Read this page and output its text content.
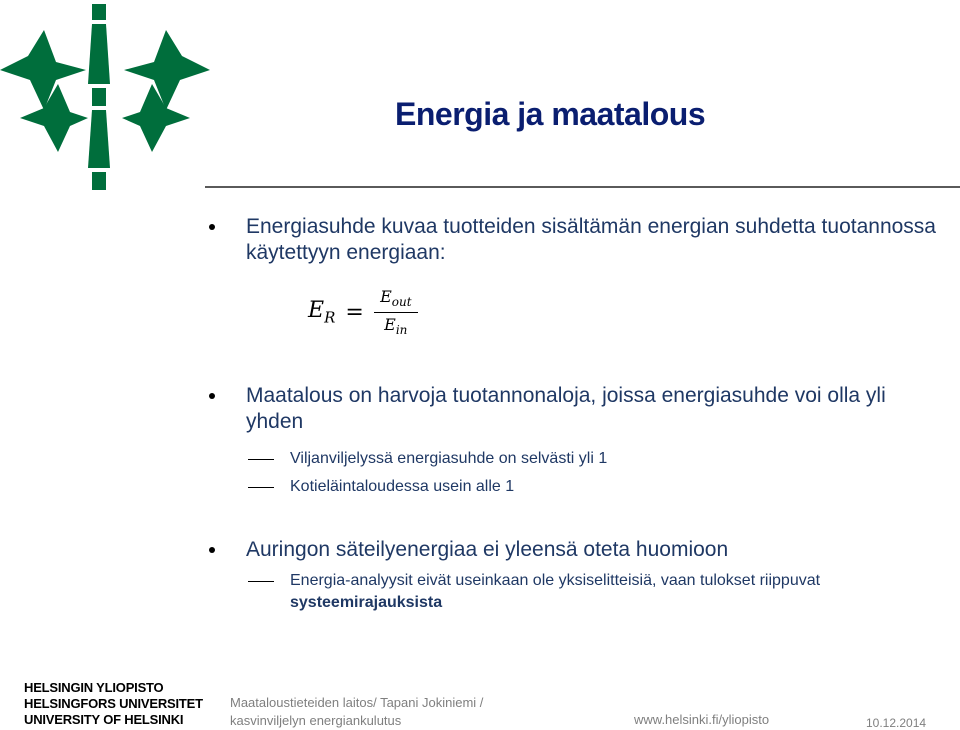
Energia ja maatalous
Energiasuhde kuvaa tuotteiden sisältämän energian suhdetta tuotannossa käytettyyn energiaan:
$E_R = \frac{E_{out}}{E_{in}}$
Maatalous on harvoja tuotannonaloja, joissa energiasuhde voi olla yli yhden
Viljanviljelyssä energiasuhde on selvästi yli 1
Kotieläintaloudessa usein alle 1
Auringon säteilyenergiaa ei yleensä oteta huomioon
Energia-analyysit eivät useinkaan ole yksiselitteisiä, vaan tulokset riippuvat systeemirajauksista
HELSINGIN YLIOPISTO
HELSINGFORS UNIVERSITET
UNIVERSITY OF HELSINKI
Maataloustieteiden laitos/ Tapani Jokiniemi /
kasvinviljelyn energiankulutus	www.helsinki.fi/yliopisto	10.12.2014
